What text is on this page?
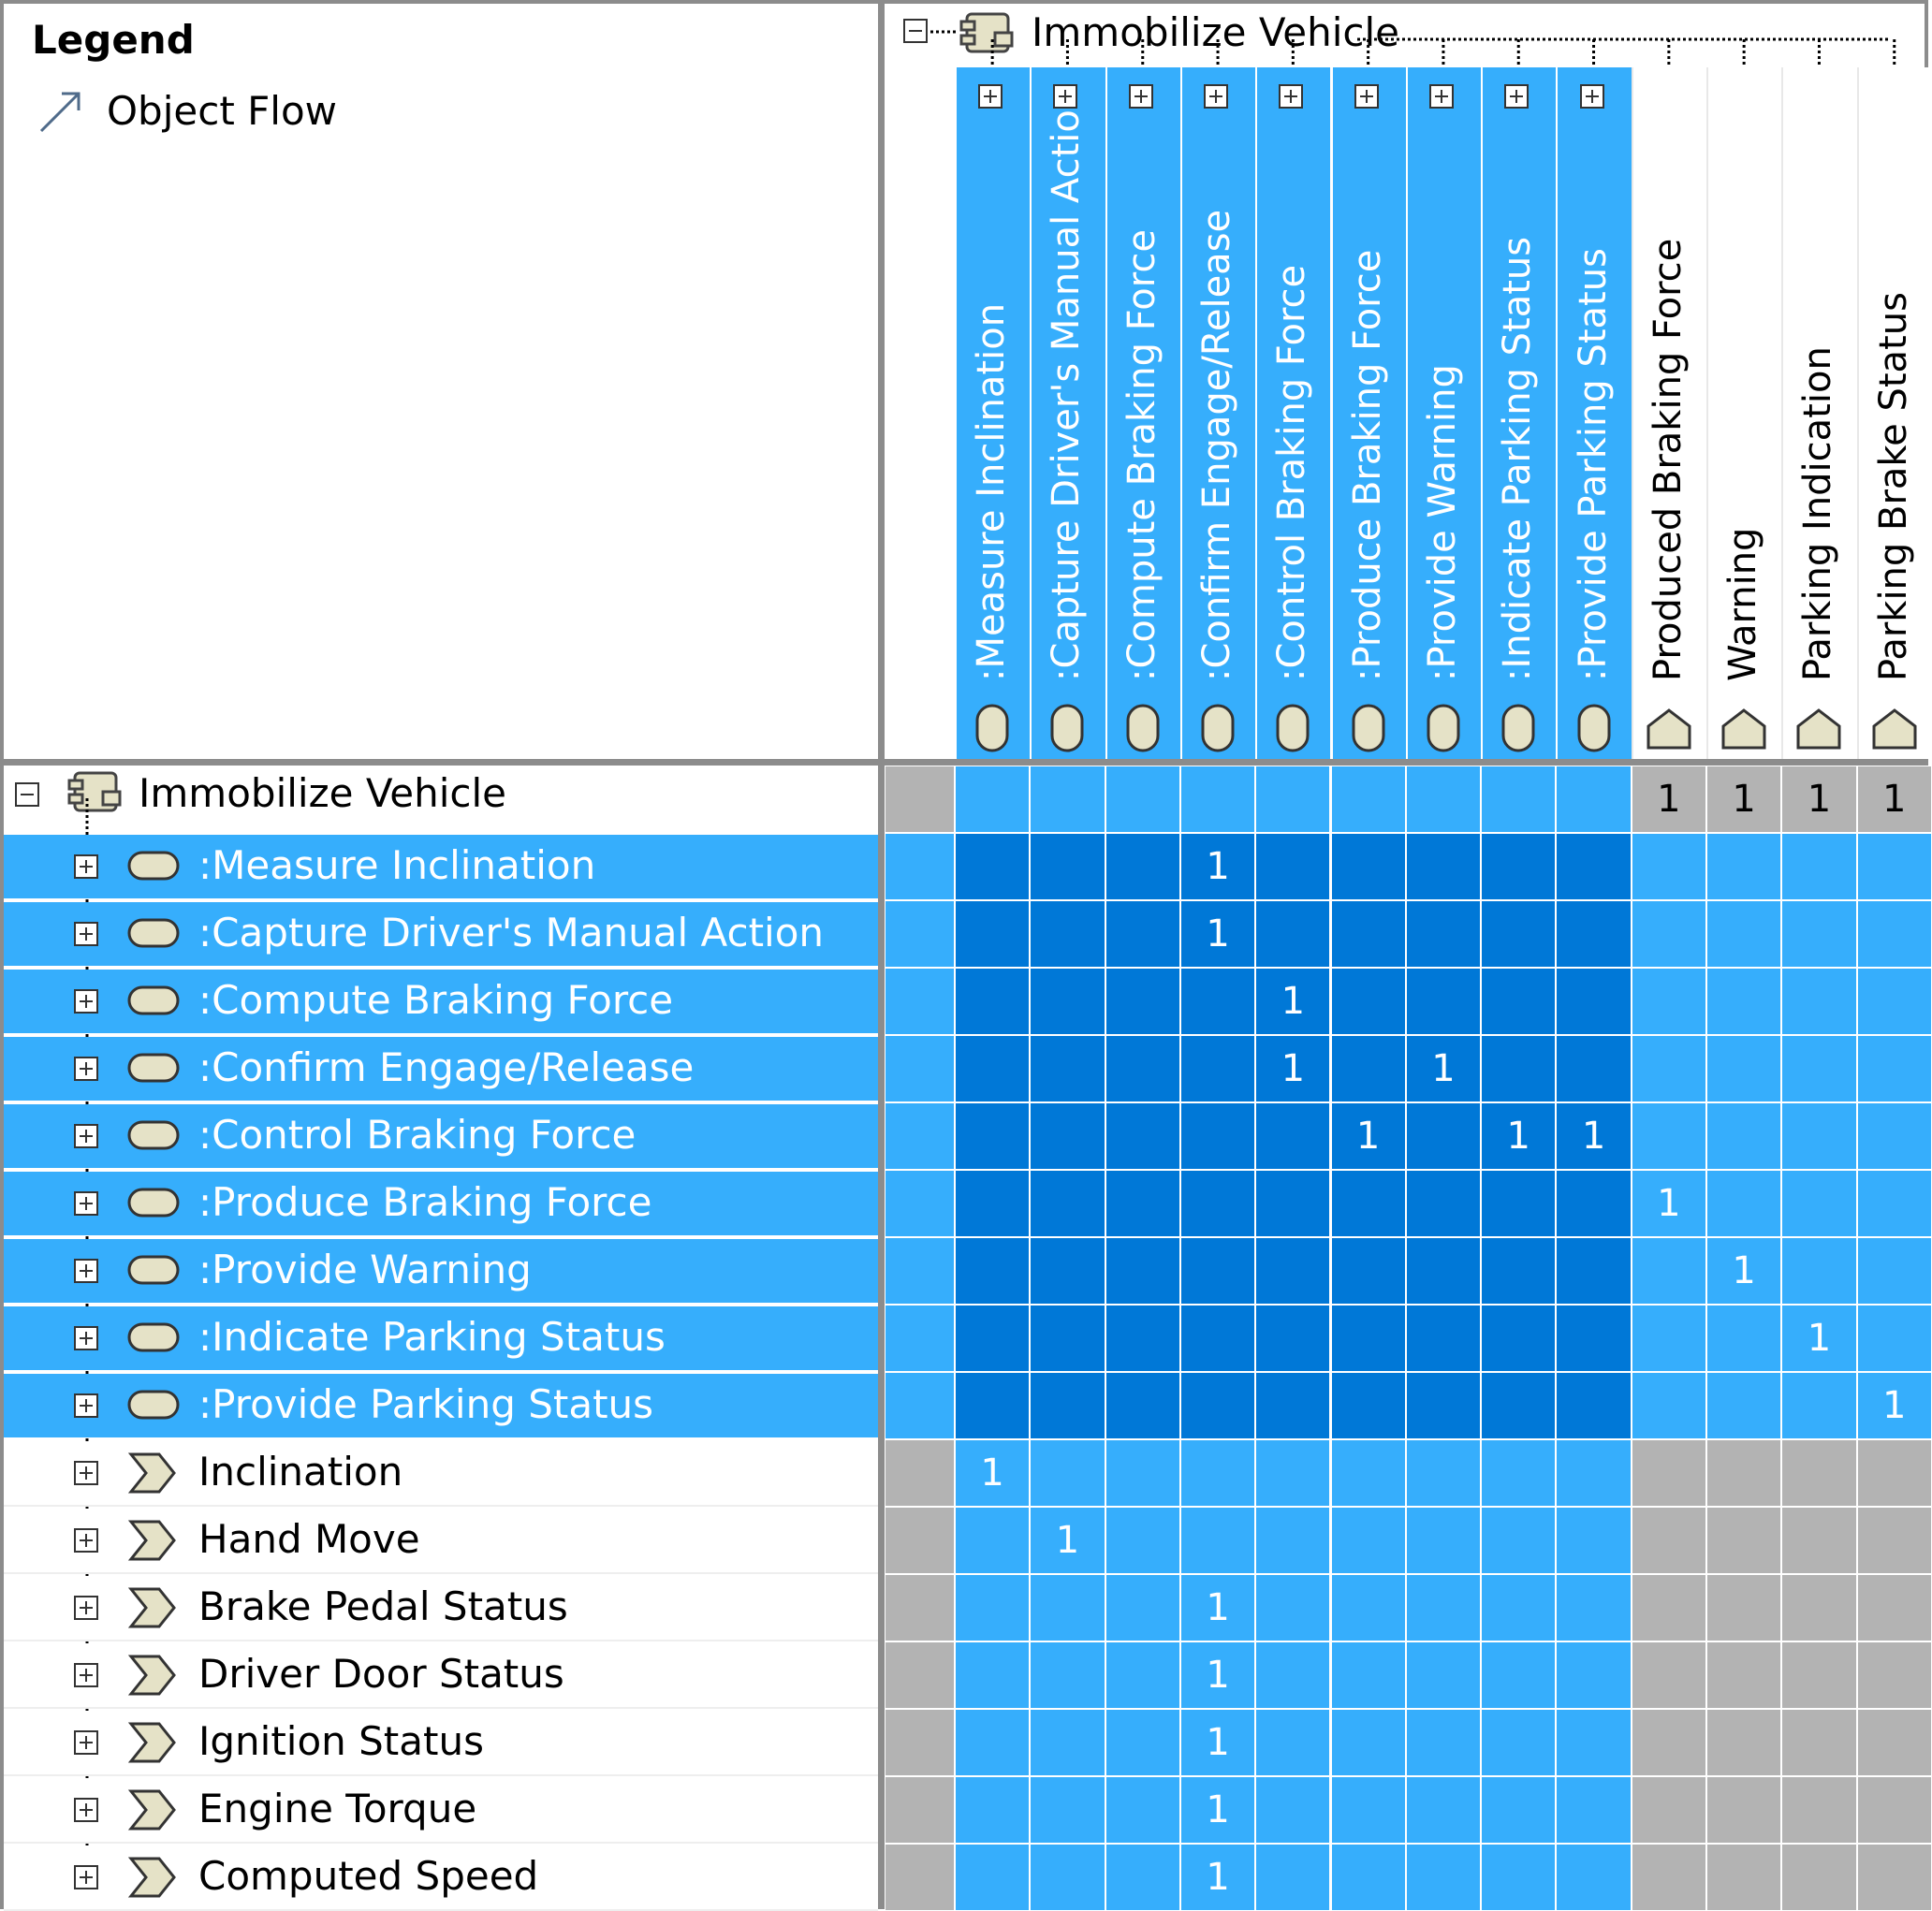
Legend
Object Flow
Immobilize Vehicle
:Measure Inclination :Capture Driver's Manual Actio :Compute Braking Force :Confirm Engage/Release :Control Braking Force :Produce Braking Force :Provide Warning :Indicate Parking Status :Provide Parking Status Produced Braking Force Warning Parking Indication Parking Brake Status
Immobilize Vehicle
:Measure Inclination
:Capture Driver's Manual Action
:Compute Braking Force
:Confirm Engage/Release
:Control Braking Force
:Produce Braking Force
:Provide Warning
:Indicate Parking Status
:Provide Parking Status
Inclination
Hand Move
Brake Pedal Status
Driver Door Status
Ignition Status
Engine Torque
Computed Speed
1 1 1 1
1
1
1
1	1
1	1 1
1
1
1
1
1
1
1
1
1
1
1
